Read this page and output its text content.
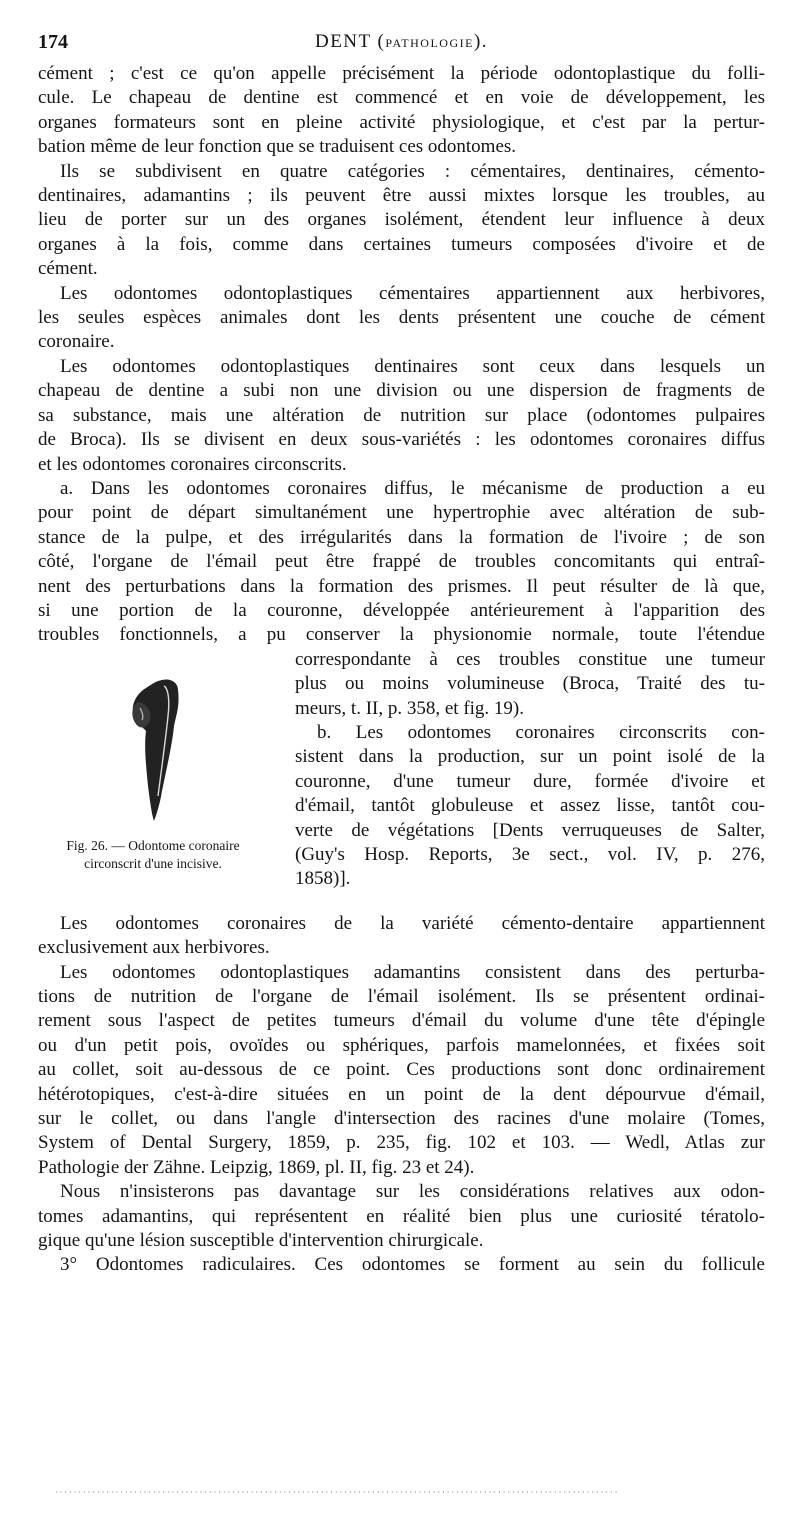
174	DENT (PATHOLOGIE).

cément ; c'est ce qu'on appelle précisément la période odontoplastique du folli-
cule. Le chapeau de dentine est commencé et en voie de développement, les
organes formateurs sont en pleine activité physiologique, et c'est par la pertur-
bation même de leur fonction que se traduisent ces odontomes.

Ils se subdivisent en quatre catégories : cémentaires, dentinaires, cémento-
dentinaires, adamantins ; ils peuvent être aussi mixtes lorsque les troubles, au
lieu de porter sur un des organes isolément, étendent leur influence à deux
organes à la fois, comme dans certaines tumeurs composées d'ivoire et de
cément.

Les odontomes odontoplastiques cémentaires appartiennent aux herbivores,
les seules espèces animales dont les dents présentent une couche de cément
coronaire.

Les odontomes odontoplastiques dentinaires sont ceux dans lesquels un
chapeau de dentine a subi non une division ou une dispersion de fragments de
sa substance, mais une altération de nutrition sur place (odontomes pulpaires
de Broca). Ils se divisent en deux sous-variétés : les odontomes coronaires diffus
et les odontomes coronaires circonscrits.

a. Dans les odontomes coronaires diffus, le mécanisme de production a eu
pour point de départ simultanément une hypertrophie avec altération de sub-
stance de la pulpe, et des irrégularités dans la formation de l'ivoire ; de son
côté, l'organe de l'émail peut être frappé de troubles concomitants qui entraî-
nent des perturbations dans la formation des prismes. Il peut résulter de là que,
si une portion de la couronne, développée antérieurement à l'apparition des
troubles fonctionnels, a pu conserver la physionomie normale, toute l'étendue

Fig. 26. — Odontome coronaire circonscrit d'une incisive.
correspondante à ces troubles constitue une tumeur
plus ou moins volumineuse (Broca, Traité des tu-
meurs, t. II, p. 358, et fig. 19).
b. Les odontomes coronaires circonscrits con-
sistent dans la production, sur un point isolé de la
couronne, d'une tumeur dure, formée d'ivoire et
d'émail, tantôt globuleuse et assez lisse, tantôt cou-
verte de végétations [Dents verruqueuses de Salter,
(Guy's Hosp. Reports, 3e sect., vol. IV, p. 276,
1858)].

Les odontomes coronaires de la variété cémento-dentaire appartiennent
exclusivement aux herbivores.

Les odontomes odontoplastiques adamantins consistent dans des perturba-
tions de nutrition de l'organe de l'émail isolément. Ils se présentent ordinai-
rement sous l'aspect de petites tumeurs d'émail du volume d'une tête d'épingle
ou d'un petit pois, ovoïdes ou sphériques, parfois mamelonnées, et fixées soit
au collet, soit au-dessous de ce point. Ces productions sont donc ordinairement
hétérotopiques, c'est-à-dire situées en un point de la dent dépourvue d'émail,
sur le collet, ou dans l'angle d'intersection des racines d'une molaire (Tomes,
System of Dental Surgery, 1859, p. 235, fig. 102 et 103. — Wedl, Atlas zur
Pathologie der Zähne. Leipzig, 1869, pl. II, fig. 23 et 24).

Nous n'insisterons pas davantage sur les considérations relatives aux odon-
tomes adamantins, qui représentent en réalité bien plus une curiosité tératolo-
gique qu'une lésion susceptible d'intervention chirurgicale.

3° Odontomes radiculaires. Ces odontomes se forment au sein du follicule

·························································································································
